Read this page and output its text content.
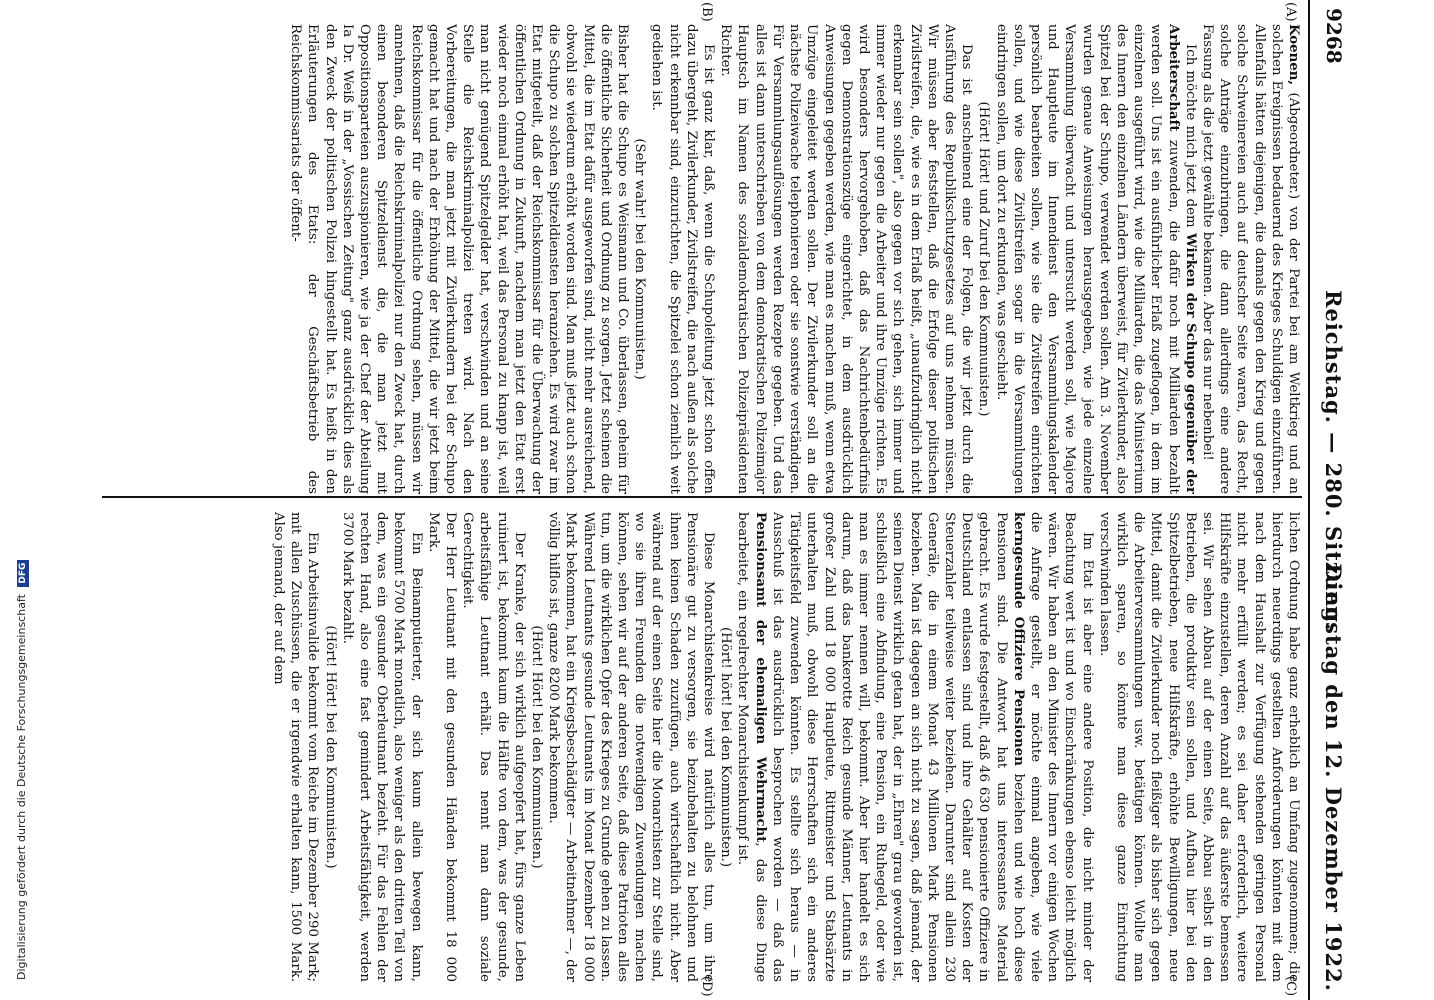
Digitalisierung gefördert durch die Deutsche Forschungsgemeinschaft DFG
9268
Reichstag. — 280. Sitzung.
Dienstag den 12. Dezember 1922.
(A)
(B)
(C)
(D)

Koenen, (Abgeordneter.) von der Partei bei am Weltkrieg und an solchen Ereignissen bedauernd des Krieges Schuldigen einzuführen. Allenfalls hätten diejenigen, die damals gegen den Krieg und gegen solche Schweinereien auch auf deutscher Seite waren, das Recht, solche Anträge einzubringen, die dann allerdings eine andere Fassung als die jetzt gewählte bekamen. Aber das nur nebenbei!

Ich möchte mich jetzt dem Wirken der Schupo gegenüber der Arbeiterschaft zuwenden, die dafür noch mit Milliarden bezahlt werden soll. Uns ist ein ausführlicher Erlaß zugeflogen, in dem im einzelnen ausgeführt wird, wie die Milliarden, die das Ministerium des Innern den einzelnen Ländern überweist, für Zivilerkunder, also Spitzel bei der Schupo, verwendet werden sollen. Am 3. November wurden genaue Anweisungen herausgegeben, wie jede einzelne Versammlung überwacht und untersucht werden soll, wie Majore und Hauptleute im Innendienst den Versammlungskalender persönlich bearbeiten sollen, wie sie die Zivilstreifen einrichten sollen, und wie diese Zivilstreifen sogar in die Versammlungen eindringen sollen, um dort zu erkunden, was geschieht.

(Hört! Hört! und Zuruf bei den Kommunisten.)

Das ist anscheinend eine der Folgen, die wir jetzt durch die Ausführung des Republikschutzgesetzes auf uns nehmen müssen. Wir müssen aber feststellen, daß die Erfolge dieser politischen Zivilstreifen, die, wie es in dem Erlaß heißt, „unaufzudringlich nicht erkennbar sein sollen", also gegen vor sich gehen, sich immer und immer wieder nur gegen die Arbeiter und ihre Umzüge richten. Es wird besonders hervorgehoben, daß das Nachrichtenbedürfnis gegen Demonstrationszüge eingerichtet, in dem ausdrücklich Anweisungen gegeben werden, wie man es machen muß, wenn etwa Umzüge eingeleitet werden sollen. Der Zivilerkunder soll an die nächste Polizeiwache telephonieren oder sie sonstwie verständigen. Für Versammlungsauflösungen werden Rezepte gegeben. Und das alles ist dann unterschrieben von dem demokratischen Polizeimajor Hauptsch im Namen des sozialdemokratischen Polizeipräsidenten Richter.

Es ist ganz klar, daß, wenn die Schupoleitung jetzt schon offen dazu übergeht, Zivilerkunder, Zivilstreifen, die nach außen als solche nicht erkennbar sind, einzurichten, die Spitzelei schon ziemlich weit gediehen ist.

(Sehr wahr! bei den Kommunisten.)

Bisher hat die Schupo es Weismann und Co. überlassen, geheim für die öffentliche Sicherheit und Ordnung zu sorgen. Jetzt scheinen die Mittel, die im Etat dafür ausgeworfen sind, nicht mehr ausreichend, obwohl sie wiederum erhöht worden sind. Man muß jetzt auch schon die Schupo zu solchen Spitzeldiensten heranziehen. Es wird zwar im Etat mitgeteilt, daß der Reichskommissar für die Überwachung der öffentlichen Ordnung in Zukunft, nachdem man jetzt den Etat erst wieder noch einmal erhöht hat, weil das Personal zu knapp ist, weil man nicht genügend Spitzelgelder hat, verschwinden und an seine Stelle die Reichskriminalpolizei treten wird. Nach den Vorbereitungen, die man jetzt mit Zivilerkundern bei der Schupo gemacht hat und nach der Erhöhung der Mittel, die wir jetzt beim Reichskommissar für die öffentliche Ordnung sehen, müssen wir annehmen, daß die Reichskriminalpolizei nur den Zweck hat, durch einen besonderen Spitzeldienst die, die man jetzt mit Oppositionsparteien auszuspionieren, wie ja der Chef der Abteilung Ia Dr. Weiß in der „Vossischen Zeitung" ganz ausdrücklich dies als den Zweck der politischen Polizei hingestellt hat. Es heißt in den Erläuterungen des Etats: der Geschäftsbetrieb des Reichskommissariats der öffent-

lichen Ordnung habe ganz erheblich an Umfang zugenommen; die hierdurch neuerdings gestellten Anforderungen könnten mit dem nach dem Haushalt zur Verfügung stehenden geringen Personal nicht mehr erfüllt werden; es sei daher erforderlich, weitere Hilfskräfte einzustellen, deren Anzahl auf das äußerste bemessen sei. Wir sehen Abbau auf der einen Seite, Abbau selbst in den Betrieben, die produktiv sein sollen, und Aufbau hier bei den Spitzelbetrieben, neue Hilfskräfte, erhöhte Bewilligungen, neue Mittel, damit die Zivilerkunder noch fleißiger als bisher sich gegen die Arbeiterversammlungen usw. betätigen können. Wollte man wirklich sparen, so könnte man diese ganze Einrichtung verschwinden lassen.

Im Etat ist aber eine andere Position, die nicht minder der Beachtung wert ist und wo Einschränkungen ebenso leicht möglich wären. Wir haben an den Minister des Innern vor einigen Wochen die Anfrage gestellt, er möchte einmal angeben, wie viele kerngesunde Offiziere Pensionen beziehen und wie hoch diese Pensionen sind. Die Antwort hat uns interessantes Material gebracht. Es wurde festgestellt, daß 46 630 pensionierte Offiziere in Deutschland entlassen sind und ihre Gehälter auf Kosten der Steuerzahler teilweise weiter beziehen. Darunter sind allein 230 Generäle, die in einem Monat 43 Millionen Mark Pensionen beziehen. Man ist dagegen an sich nicht zu sagen, daß jemand, der seinen Dienst wirklich getan hat, der in „Ehren" grau geworden ist, schließlich eine Abfindung, eine Pension, ein Ruhegeld, oder wie man es immer nennen will, bekommt. Aber hier handelt es sich darum, daß das bankerotte Reich gesunde Männer, Leutnants in großer Zahl und 18 000 Hauptleute, Rittmeister und Stabsärzte unterhalten muß, obwohl diese Herrschaften sich ein anderes Tätigkeitsfeld zuwenden könnten. Es stellte sich heraus — in Ausschuß ist das ausdrücklich besprochen worden — daß das Pensionsamt der ehemaligen Wehrmacht, das diese Dinge bearbeitet, ein regelrechter Monarchistenkumpf ist.

(Hört! hört! bei den Kommunisten.)

Diese Monarchistenkreise wird natürlich alles tun, um ihre Pensionäre gut zu versorgen, sie beizubehalten zu belohnen und ihnen keinen Schaden zuzufügen, auch wirtschaftlich nicht. Aber während auf der einen Seite hier die Monarchisten zur Stelle sind, wo sie ihren Freunden die notwendigen Zuwendungen machen können, sehen wir auf der anderen Seite, daß diese Patrioten alles tun, um die wirklichen Opfer des Krieges zu Grunde gehen zu lassen. Während Leutnants gesunde Leutnants im Monat Dezember 18 000 Mark bekommen, hat ein Kriegsbeschädigter — Arbeitnehmer —, der völlig hilflos ist, ganze 8200 Mark bekommen.

(Hört! Hört! bei den Kommunisten.)

Der Kranke, der sich wirklich aufgeopfert hat, fürs ganze Leben ruiniert ist, bekommt kaum die Hälfte von dem, was der gesunde, arbeitsfähige Leutnant erhält. Das nennt man dann soziale Gerechtigkeit.

Der Herr Leutnant mit den gesunden Händen bekommt 18 000 Mark.

Ein Beinamputierter, der sich kaum allein bewegen kann, bekommt 5700 Mark monatlich, also weniger als den dritten Teil von dem, was ein gesunder Oberleutnant bezieht. Für das Fehlen der rechten Hand, also eine fast gemindert Arbeitsfähigkeit, werden 3700 Mark bezahlt.

(Hört! Hört! bei den Kommunisten.)

Ein Arbeitsinvalide bekommt vom Reiche im Dezember 290 Mark; mit allen Zuschüssen, die er irgendwie erhalten kann, 1500 Mark. Also jemand, der auf dem
